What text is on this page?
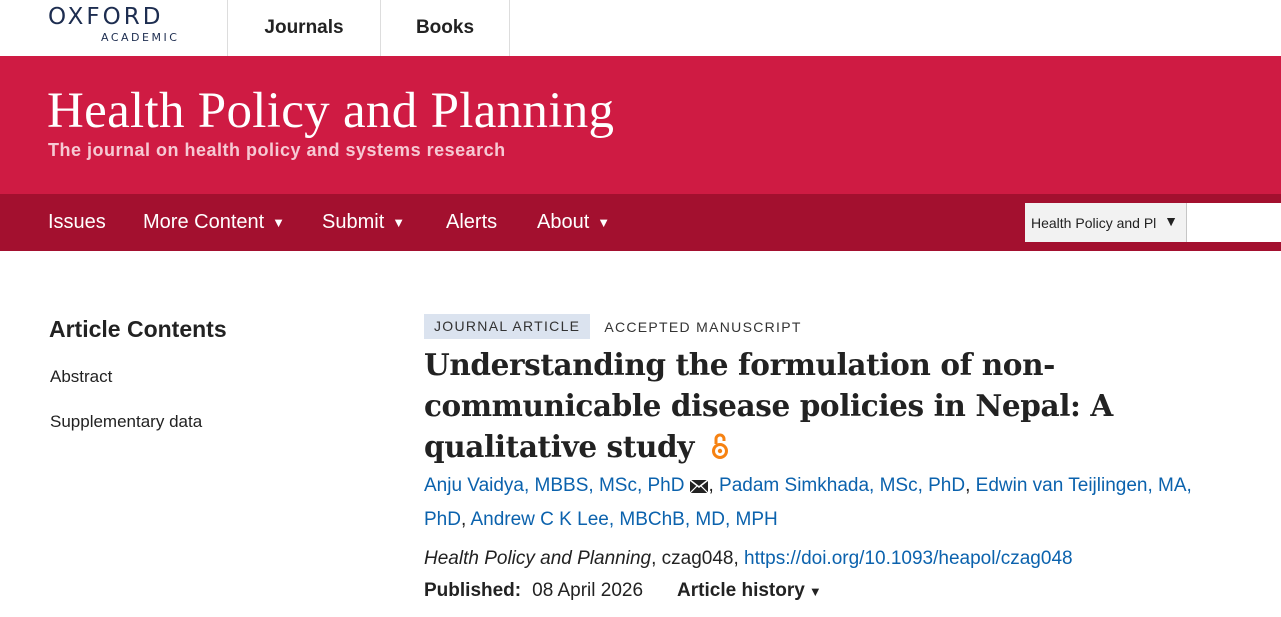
OXFORD
ACADEMIC	Journals	Books
Health Policy and Planning
The journal on health policy and systems research
Issues More Content ▼ Submit ▼ Alerts About ▼	Health Policy and Pl ▼
Article Contents
Abstract
Supplementary data
JOURNAL ARTICLE	ACCEPTED MANUSCRIPT
Understanding the formulation of non-communicable disease policies in Nepal: A qualitative study
Anju Vaidya, MBBS, MSc, PhD , Padam Simkhada, MSc, PhD, Edwin van Teijlingen, MA, PhD, Andrew C K Lee, MBChB, MD, MPH
Health Policy and Planning, czag048, https://doi.org/10.1093/heapol/czag048
Published: 08 April 2026 Article history ▼
